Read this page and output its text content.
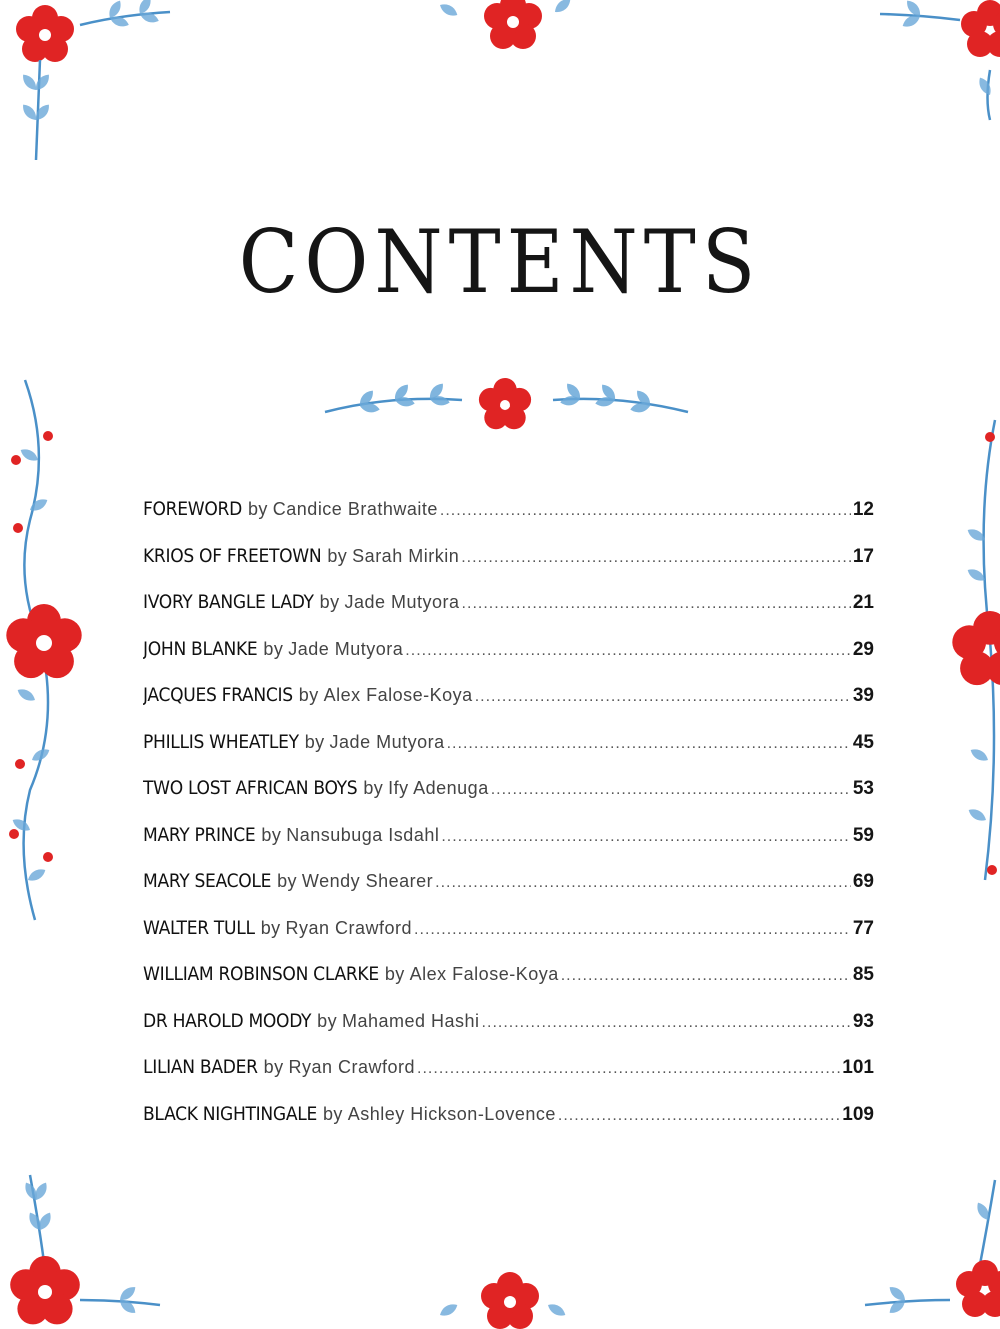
CONTENTS
FOREWORD by Candice Brathwaite .....	12
KRIOS OF FREETOWN by Sarah Mirkin .....	17
IVORY BANGLE LADY by Jade Mutyora .....	21
JOHN BLANKE by Jade Mutyora .....	29
JACQUES FRANCIS by Alex Falose-Koya .....	39
PHILLIS WHEATLEY by Jade Mutyora .....	45
TWO LOST AFRICAN BOYS by Ify Adenuga .....	53
MARY PRINCE by Nansubuga Isdahl .....	59
MARY SEACOLE by Wendy Shearer .....	69
WALTER TULL by Ryan Crawford .....	77
WILLIAM ROBINSON CLARKE by Alex Falose-Koya .....	85
DR HAROLD MOODY by Mahamed Hashi .....	93
LILIAN BADER by Ryan Crawford .....	101
BLACK NIGHTINGALE by Ashley Hickson-Lovence .....	109
